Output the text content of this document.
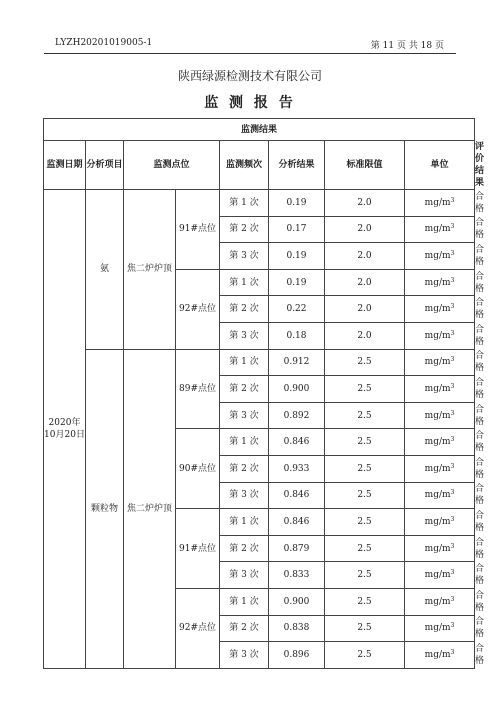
LYZH20201019005-1	第 11 页 共 18 页
陕西绿源检测技术有限公司
监 测 报 告
监测结果								
监测日期	分析项目	监测点位		监测频次	分析结果	标准限值	单位	评价结果
2020年10月20日	氨	焦二炉炉顶	91#点位	第 1 次	0.19	2.0	$mg/m^3$	合格
				第 2 次	0.17	2.0	$mg/m^3$	合格
				第 3 次	0.19	2.0	$mg/m^3$	合格
			92#点位	第 1 次	0.19	2.0	$mg/m^3$	合格
				第 2 次	0.22	2.0	$mg/m^3$	合格
				第 3 次	0.18	2.0	$mg/m^3$	合格
	颗粒物	焦二炉炉顶	89#点位	第 1 次	0.912	2.5	$mg/m^3$	合格
				第 2 次	0.900	2.5	$mg/m^3$	合格
				第 3 次	0.892	2.5	$mg/m^3$	合格
			90#点位	第 1 次	0.846	2.5	$mg/m^3$	合格
				第 2 次	0.933	2.5	$mg/m^3$	合格
				第 3 次	0.846	2.5	$mg/m^3$	合格
			91#点位	第 1 次	0.846	2.5	$mg/m^3$	合格
				第 2 次	0.879	2.5	$mg/m^3$	合格
				第 3 次	0.833	2.5	$mg/m^3$	合格
			92#点位	第 1 次	0.900	2.5	$mg/m^3$	合格
				第 2 次	0.838	2.5	$mg/m^3$	合格
				第 3 次	0.896	2.5	$mg/m^3$	合格
